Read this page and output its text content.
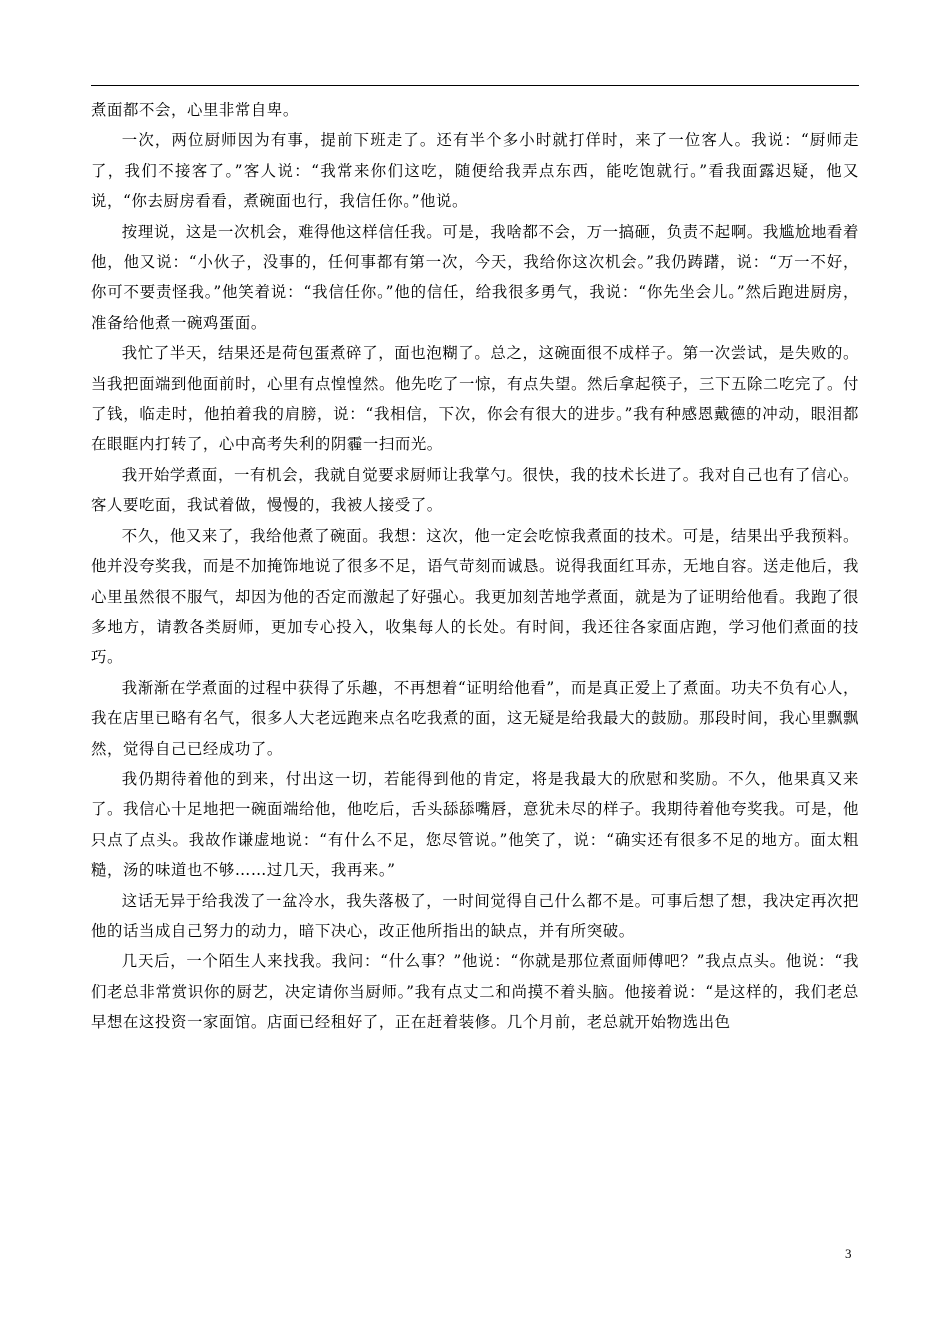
煮面都不会，心里非常自卑。

一次，两位厨师因为有事，提前下班走了。还有半个多小时就打佯时，来了一位客人。我说：“厨师走了，我们不接客了。”客人说：“我常来你们这吃，随便给我弄点东西，能吃饱就行。”看我面露迟疑，他又说，“你去厨房看看，煮碗面也行，我信任你。”他说。

按理说，这是一次机会，难得他这样信任我。可是，我啥都不会，万一搞砸，负责不起啊。我尴尬地看着他，他又说：“小伙子，没事的，任何事都有第一次，今天，我给你这次机会。”我仍踌躇，说：“万一不好，你可不要责怪我。”他笑着说：“我信任你。”他的信任，给我很多勇气，我说：“你先坐会儿。”然后跑进厨房，准备给他煮一碗鸡蛋面。

我忙了半天，结果还是荷包蛋煮碎了，面也泡糊了。总之，这碗面很不成样子。第一次尝试，是失败的。当我把面端到他面前时，心里有点惶惶然。他先吃了一惊，有点失望。然后拿起筷子，三下五除二吃完了。付了钱，临走时，他拍着我的肩膀，说：“我相信，下次，你会有很大的进步。”我有种感恩戴德的冲动，眼泪都在眼眶内打转了，心中高考失利的阴霾一扫而光。

我开始学煮面，一有机会，我就自觉要求厨师让我掌勺。很快，我的技术长进了。我对自己也有了信心。客人要吃面，我试着做，慢慢的，我被人接受了。

不久，他又来了，我给他煮了碗面。我想：这次，他一定会吃惊我煮面的技术。可是，结果出乎我预料。他并没夸奖我，而是不加掩饰地说了很多不足，语气苛刻而诚恳。说得我面红耳赤，无地自容。送走他后，我心里虽然很不服气，却因为他的否定而激起了好强心。我更加刻苦地学煮面，就是为了证明给他看。我跑了很多地方，请教各类厨师，更加专心投入，收集每人的长处。有时间，我还往各家面店跑，学习他们煮面的技巧。

我渐渐在学煮面的过程中获得了乐趣，不再想着“证明给他看”，而是真正爱上了煮面。功夫不负有心人，我在店里已略有名气，很多人大老远跑来点名吃我煮的面，这无疑是给我最大的鼓励。那段时间，我心里飘飘然，觉得自己已经成功了。

我仍期待着他的到来，付出这一切，若能得到他的肯定，将是我最大的欣慰和奖励。不久，他果真又来了。我信心十足地把一碗面端给他，他吃后，舌头舔舔嘴唇，意犹未尽的样子。我期待着他夸奖我。可是，他只点了点头。我故作谦虚地说：“有什么不足，您尽管说。”他笑了，说：“确实还有很多不足的地方。面太粗糙，汤的味道也不够……过几天，我再来。”

这话无异于给我泼了一盆冷水，我失落极了，一时间觉得自己什么都不是。可事后想了想，我决定再次把他的话当成自己努力的动力，暗下决心，改正他所指出的缺点，并有所突破。

几天后，一个陌生人来找我。我问：“什么事？”他说：“你就是那位煮面师傅吧？”我点点头。他说：“我们老总非常赏识你的厨艺，决定请你当厨师。”我有点丈二和尚摸不着头脑。他接着说：“是这样的，我们老总早想在这投资一家面馆。店面已经租好了，正在赶着装修。几个月前，老总就开始物选出色

3
